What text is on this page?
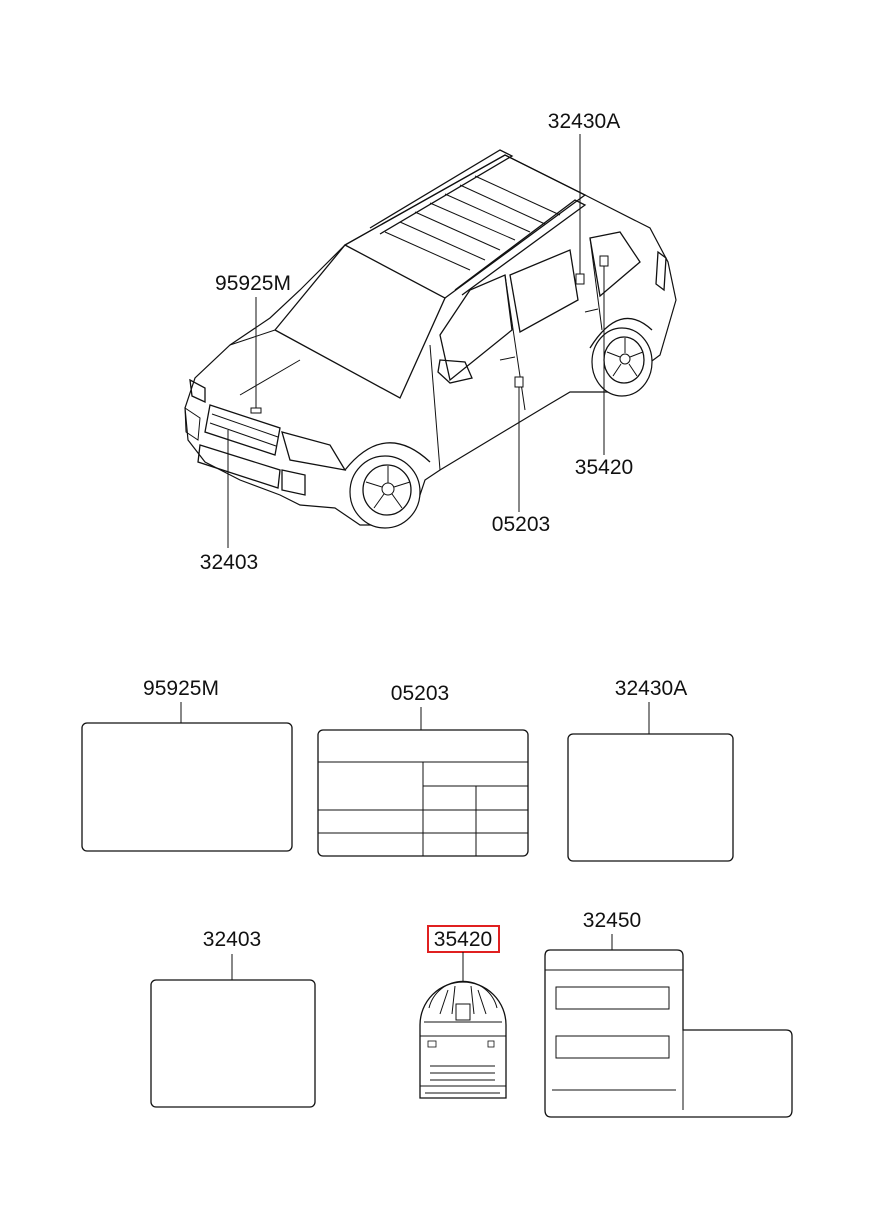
32430A
95925M
35420
05203
32403
95925M	05203	32430A
32403	35420
32450
